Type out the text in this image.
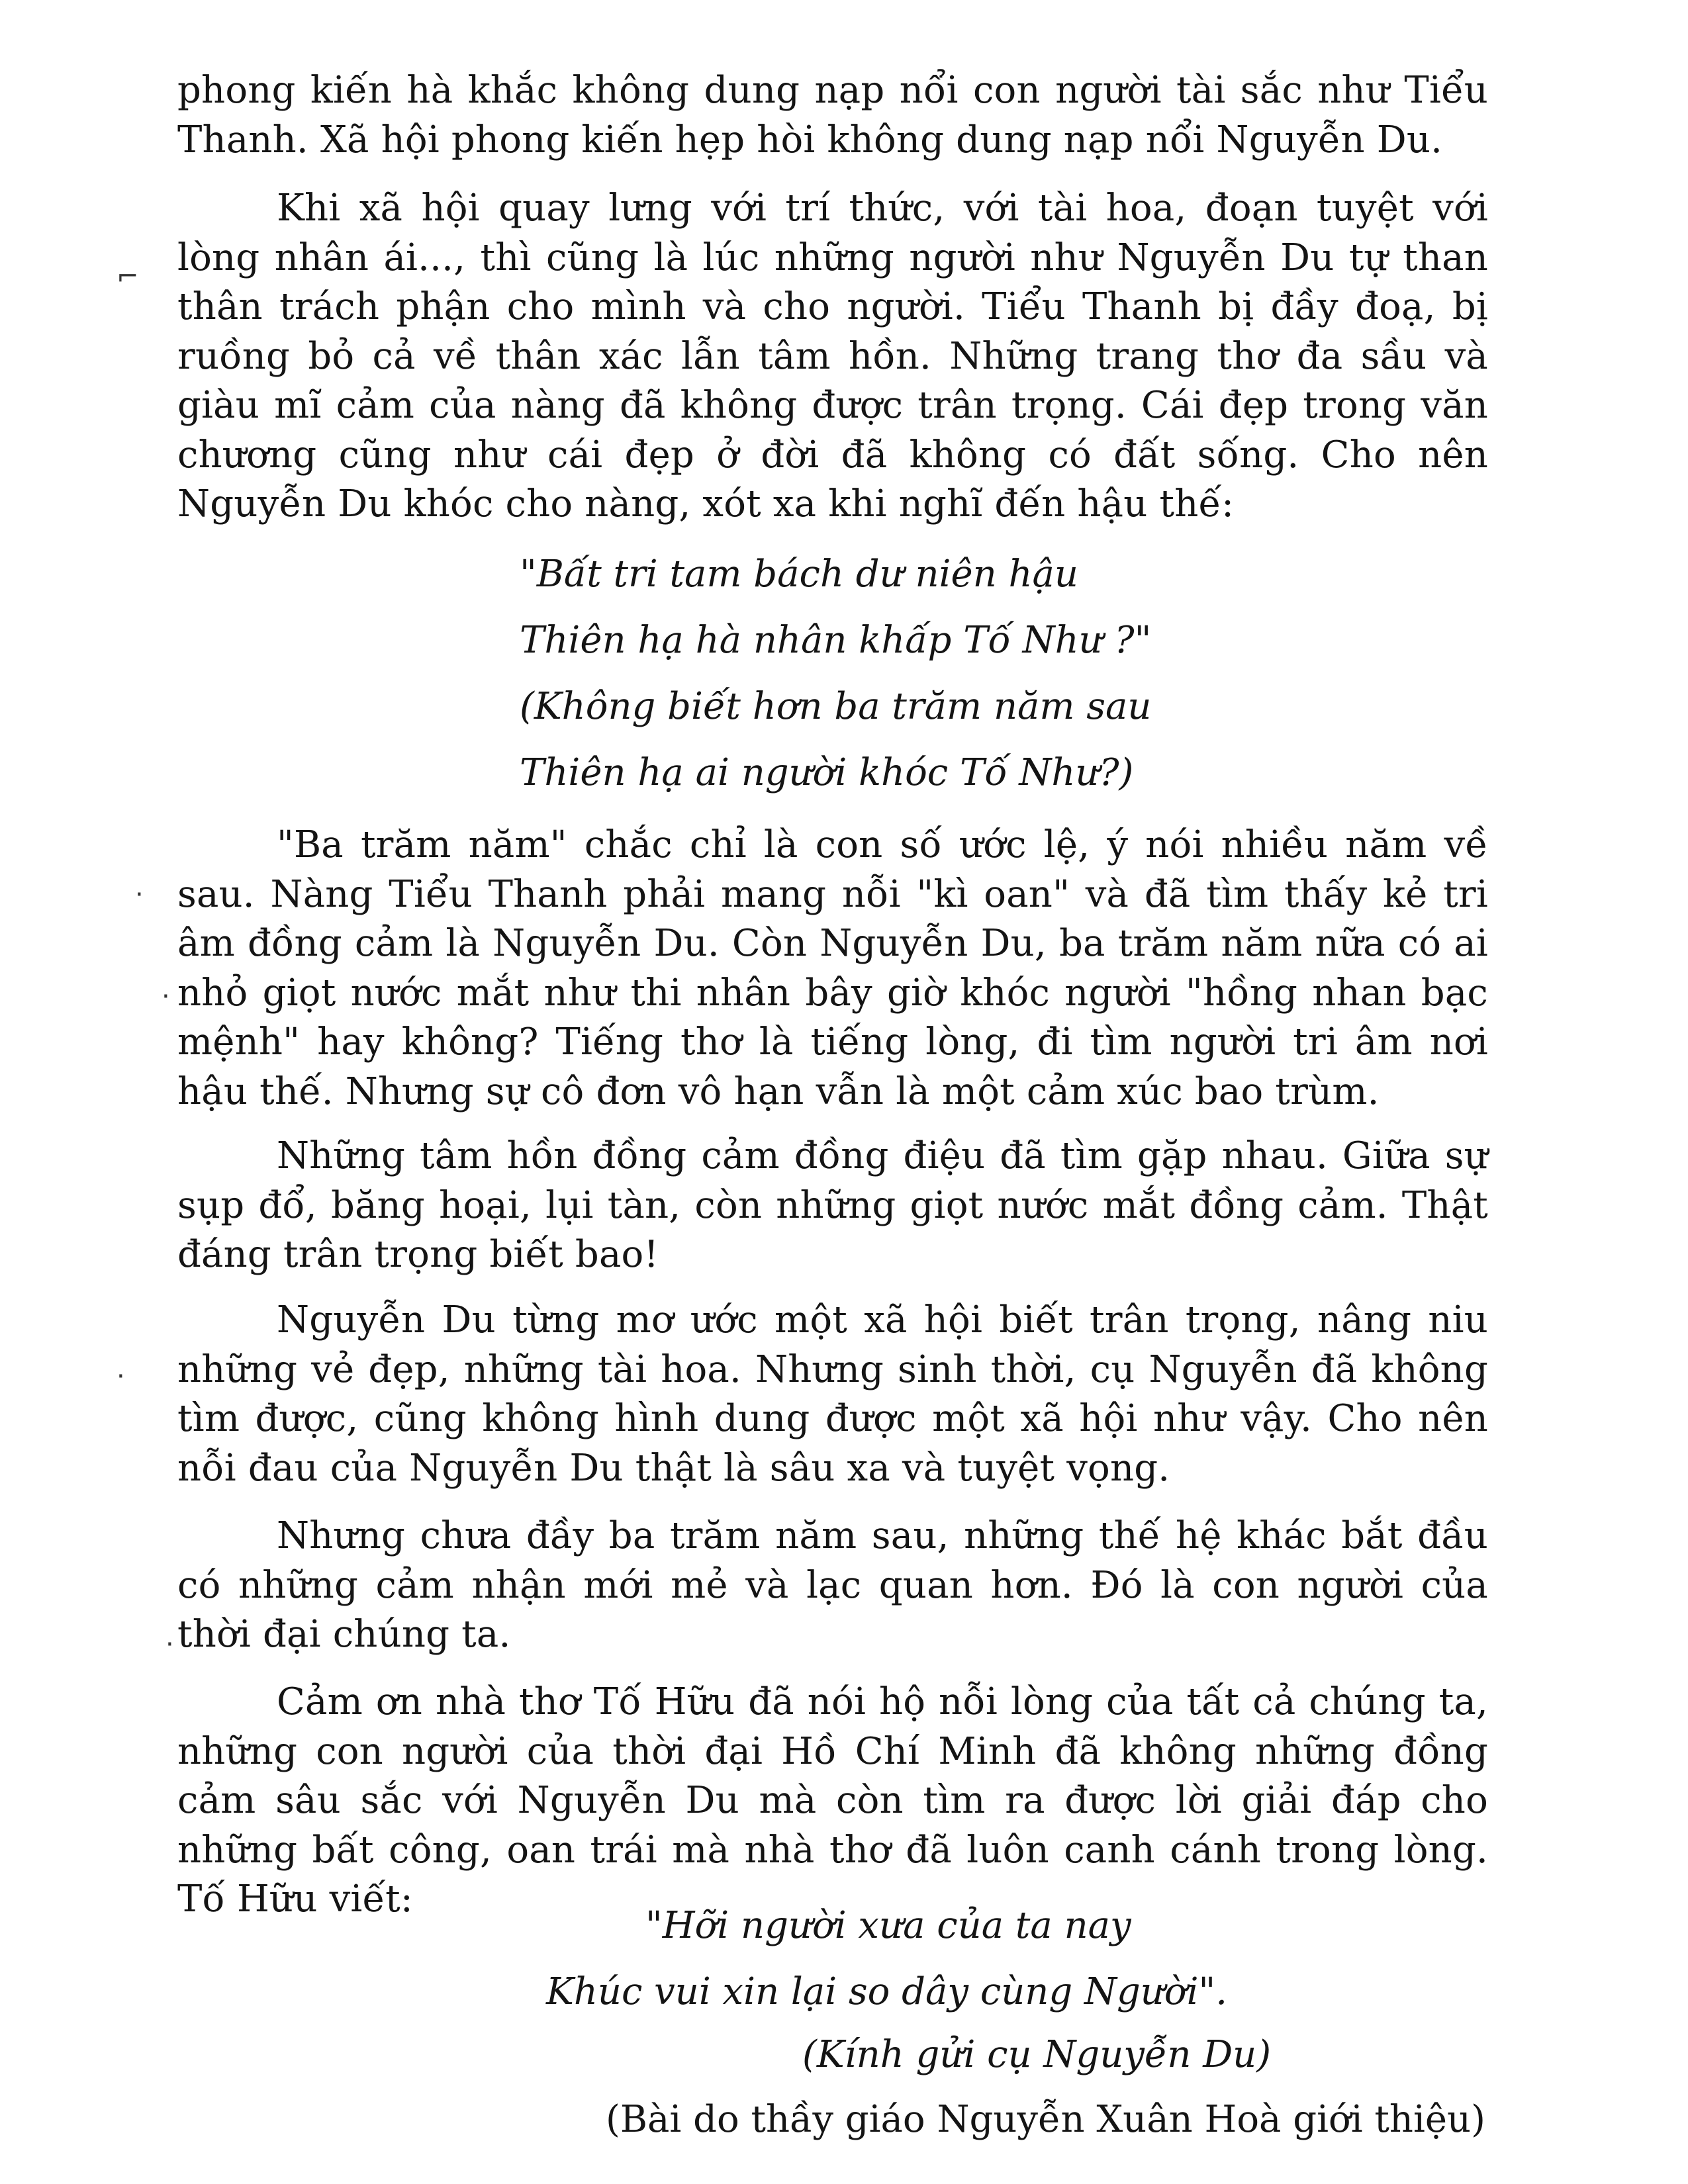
⌐
·
·
·
·

phong kiến hà khắc không dung nạp nổi con người tài sắc như Tiểu Thanh. Xã hội phong kiến hẹp hòi không dung nạp nổi Nguyễn Du.

Khi xã hội quay lưng với trí thức, với tài hoa, đoạn tuyệt với lòng nhân ái..., thì cũng là lúc những người như Nguyễn Du tự than thân trách phận cho mình và cho người. Tiểu Thanh bị đầy đoạ, bị ruồng bỏ cả về thân xác lẫn tâm hồn. Những trang thơ đa sầu và giàu mĩ cảm của nàng đã không được trân trọng. Cái đẹp trong văn chương cũng như cái đẹp ở đời đã không có đất sống. Cho nên Nguyễn Du khóc cho nàng, xót xa khi nghĩ đến hậu thế:

"Bất tri tam bách dư niên hậu
Thiên hạ hà nhân khấp Tố Như ?"
(Không biết hơn ba trăm năm sau
Thiên hạ ai người khóc Tố Như?)

"Ba trăm năm" chắc chỉ là con số ước lệ, ý nói nhiều năm về sau. Nàng Tiểu Thanh phải mang nỗi "kì oan" và đã tìm thấy kẻ tri âm đồng cảm là Nguyễn Du. Còn Nguyễn Du, ba trăm năm nữa có ai nhỏ giọt nước mắt như thi nhân bây giờ khóc người "hồng nhan bạc mệnh" hay không? Tiếng thơ là tiếng lòng, đi tìm người tri âm nơi hậu thế. Nhưng sự cô đơn vô hạn vẫn là một cảm xúc bao trùm.

Những tâm hồn đồng cảm đồng điệu đã tìm gặp nhau. Giữa sự sụp đổ, băng hoại, lụi tàn, còn những giọt nước mắt đồng cảm. Thật đáng trân trọng biết bao!

Nguyễn Du từng mơ ước một xã hội biết trân trọng, nâng niu những vẻ đẹp, những tài hoa. Nhưng sinh thời, cụ Nguyễn đã không tìm được, cũng không hình dung được một xã hội như vậy. Cho nên nỗi đau của Nguyễn Du thật là sâu xa và tuyệt vọng.

Nhưng chưa đầy ba trăm năm sau, những thế hệ khác bắt đầu có những cảm nhận mới mẻ và lạc quan hơn. Đó là con người của thời đại chúng ta.

Cảm ơn nhà thơ Tố Hữu đã nói hộ nỗi lòng của tất cả chúng ta, những con người của thời đại Hồ Chí Minh đã không những đồng cảm sâu sắc với Nguyễn Du mà còn tìm ra được lời giải đáp cho những bất công, oan trái mà nhà thơ đã luôn canh cánh trong lòng. Tố Hữu viết:

"Hỡi người xưa của ta nay
Khúc vui xin lại so dây cùng Người".
(Kính gửi cụ Nguyễn Du)
(Bài do thầy giáo Nguyễn Xuân Hoà giới thiệu)
